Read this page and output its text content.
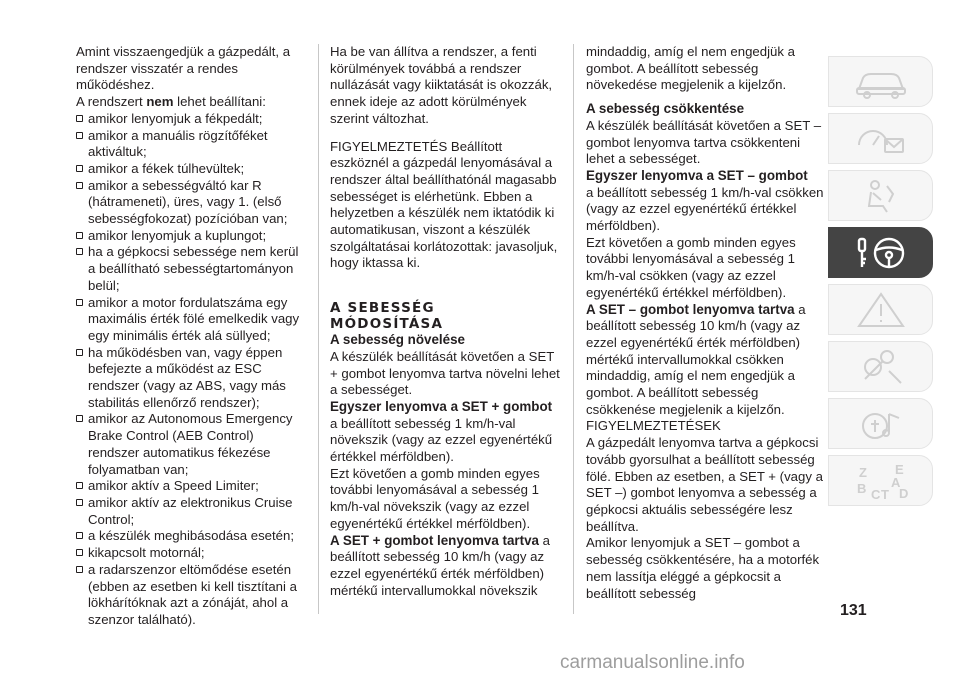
Amint visszaengedjük a gázpedált, a rendszer visszatér a rendes működéshez.

A rendszert nem lehet beállítani:

amikor lenyomjuk a fékpedált;

amikor a manuális rögzítőféket aktiváltuk;

amikor a fékek túlhevültek;

amikor a sebességváltó kar R (hátrameneti), üres, vagy 1. (első sebességfokozat) pozícióban van;

amikor lenyomjuk a kuplungot;

ha a gépkocsi sebessége nem kerül a beállítható sebességtartományon belül;

amikor a motor fordulatszáma egy maximális érték fölé emelkedik vagy egy minimális érték alá süllyed;

ha működésben van, vagy éppen befejezte a működést az ESC rendszer (vagy az ABS, vagy más stabilitás ellenőrző rendszer);

amikor az Autonomous Emergency Brake Control (AEB Control) rendszer automatikus fékezése folyamatban van;

amikor aktív a Speed Limiter;

amikor aktív az elektronikus Cruise Control;

a készülék meghibásodása esetén;

kikapcsolt motornál;

a radarszenzor eltömődése esetén (ebben az esetben ki kell tisztítani a lökhárítóknak azt a zónáját, ahol a szenzor található).

Ha be van állítva a rendszer, a fenti körülmények továbbá a rendszer nullázását vagy kiiktatását is okozzák, ennek ideje az adott körülmények szerint változhat.

FIGYELMEZTETÉS Beállított eszköznél a gázpedál lenyomásával a rendszer által beállíthatónál magasabb sebességet is elérhetünk. Ebben a helyzetben a készülék nem iktatódik ki automatikusan, viszont a készülék szolgáltatásai korlátozottak: javasoljuk, hogy iktassa ki.

A SEBESSÉG
MÓDOSÍTÁSA

A sebesség növelése

A készülék beállítását követően a SET + gombot lenyomva tartva növelni lehet a sebességet.

Egyszer lenyomva a SET + gombot

a beállított sebesség 1 km/h-val növekszik (vagy az ezzel egyenértékű értékkel mérföldben).

Ezt követően a gomb minden egyes további lenyomásával a sebesség 1 km/h-val növekszik (vagy az ezzel egyenértékű értékkel mérföldben).

A SET + gombot lenyomva tartva a

beállított sebesség 10 km/h (vagy az ezzel egyenértékű érték mérföldben) mértékű intervallumokkal növekszik

mindaddig, amíg el nem engedjük a gombot. A beállított sebesség növekedése megjelenik a kijelzőn.

A sebesség csökkentése

A készülék beállítását követően a SET – gombot lenyomva tartva csökkenteni lehet a sebességet.

Egyszer lenyomva a SET – gombot

a beállított sebesség 1 km/h-val csökken (vagy az ezzel egyenértékű értékkel mérföldben).

Ezt követően a gomb minden egyes további lenyomásával a sebesség 1 km/h-val csökken (vagy az ezzel egyenértékű értékkel mérföldben).

A SET – gombot lenyomva tartva a

beállított sebesség 10 km/h (vagy az ezzel egyenértékű érték mérföldben) mértékű intervallumokkal csökken mindaddig, amíg el nem engedjük a gombot. A beállított sebesség csökkenése megjelenik a kijelzőn.

FIGYELMEZTETÉSEK

A gázpedált lenyomva tartva a gépkocsi tovább gyorsulhat a beállított sebesség fölé. Ebben az esetben, a SET + (vagy a SET –) gombot lenyomva a sebesség a gépkocsi aktuális sebességére lesz beállítva.

Amikor lenyomjuk a SET – gombot a sebesség csökkentésére, ha a motorfék nem lassítja eléggé a gépkocsit a beállított sebesség

Z E
B A
C T D
131
carmanualsonline.info
